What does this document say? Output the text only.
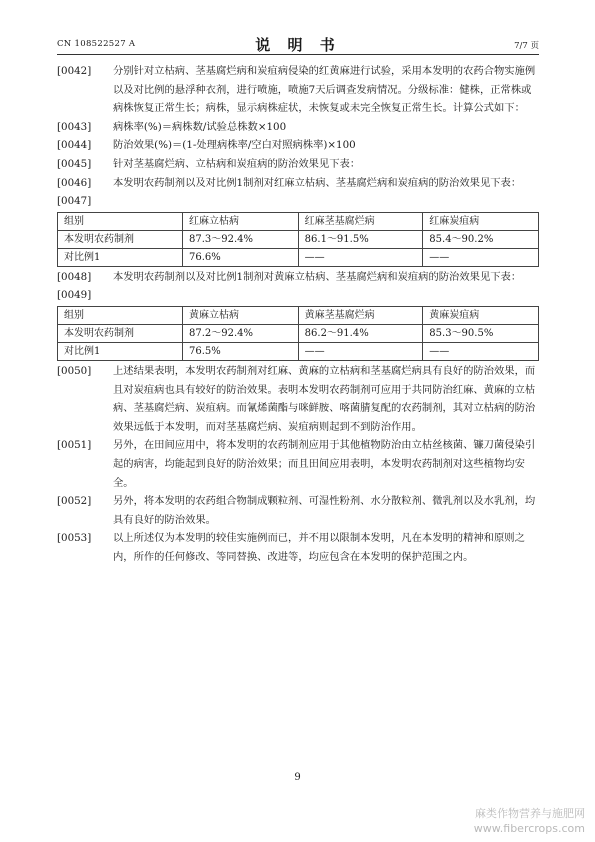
CN 108522527 A	说 明 书	7/7 页

[0042] 分别针对立枯病、茎基腐烂病和炭疽病侵染的红黄麻进行试验，采用本发明的农药合物实施例以及对比例的悬浮种衣剂，进行喷施，喷施7天后调查发病情况。分级标准：健株，正常株或病株恢复正常生长；病株，显示病株症状，未恢复或未完全恢复正常生长。计算公式如下：

[0043] 病株率(%)＝病株数/试验总株数×100

[0044] 防治效果(%)＝(1-处理病株率/空白对照病株率)×100

[0045] 针对茎基腐烂病、立枯病和炭疽病的防治效果见下表：

[0046] 本发明农药制剂以及对比例1制剂对红麻立枯病、茎基腐烂病和炭疽病的防治效果见下表：

[0047]

组别	红麻立枯病	红麻茎基腐烂病	红麻炭疽病
本发明农药制剂	87.3～92.4%	86.1～91.5%	85.4～90.2%
对比例1	76.6%	——	——

[0048] 本发明农药制剂以及对比例1制剂对黄麻立枯病、茎基腐烂病和炭疽病的防治效果见下表：

[0049]

组别	黄麻立枯病	黄麻茎基腐烂病	黄麻炭疽病
本发明农药制剂	87.2～92.4%	86.2～91.4%	85.3～90.5%
对比例1	76.5%	——	——

[0050] 上述结果表明，本发明农药制剂对红麻、黄麻的立枯病和茎基腐烂病具有良好的防治效果，而且对炭疽病也具有较好的防治效果。表明本发明农药制剂可应用于共同防治红麻、黄麻的立枯病、茎基腐烂病、炭疽病。而氰烯菌酯与咪鲜胺、喀菌腈复配的农药制剂，其对立枯病的防治效果远低于本发明，而对茎基腐烂病、炭疽病则起到不到防治作用。

[0051] 另外，在田间应用中，将本发明的农药制剂应用于其他植物防治由立枯丝核菌、镰刀菌侵染引起的病害，均能起到良好的防治效果；而且田间应用表明，本发明农药制剂对这些植物均安全。

[0052] 另外，将本发明的农药组合物制成颗粒剂、可湿性粉剂、水分散粒剂、微乳剂以及水乳剂，均具有良好的防治效果。

[0053] 以上所述仅为本发明的较佳实施例而已，并不用以限制本发明，凡在本发明的精神和原则之内，所作的任何修改、等同替换、改进等，均应包含在本发明的保护范围之内。

9
麻类作物营养与施肥网
www.fibercrops.com
